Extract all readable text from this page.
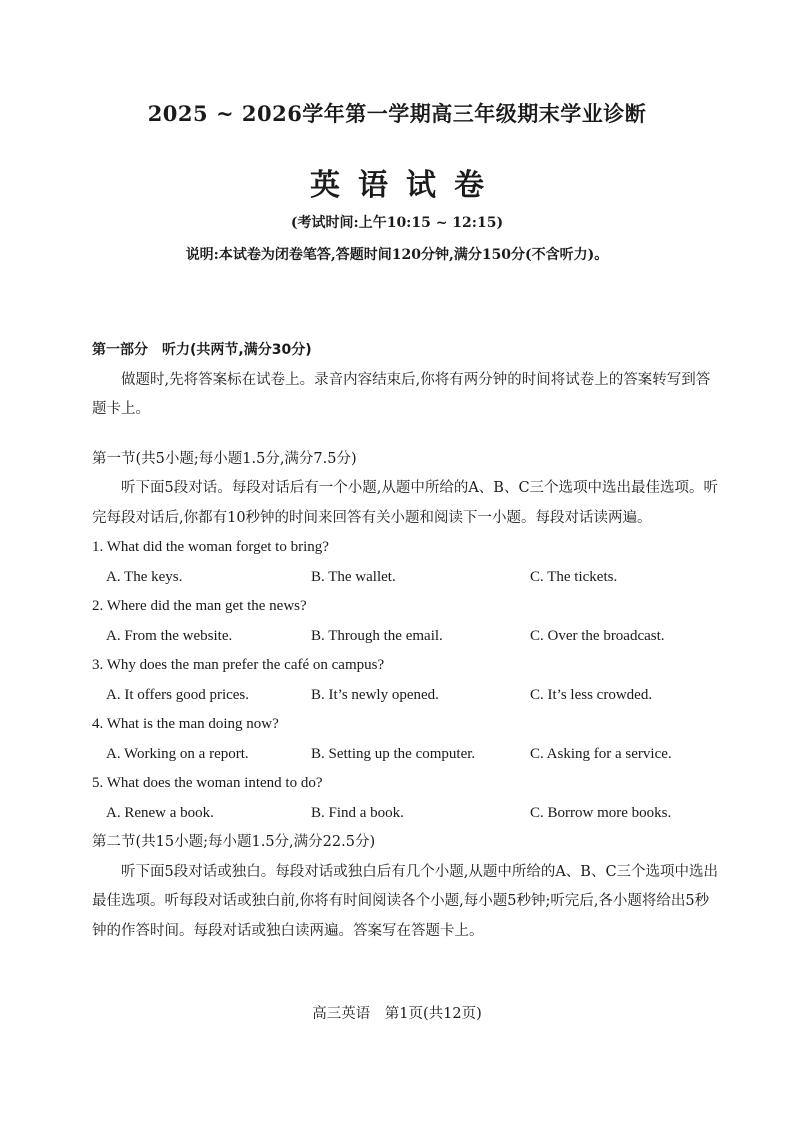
2025 ~ 2026学年第一学期高三年级期末学业诊断
英语试卷
(考试时间:上午10:15 ~ 12:15)
说明:本试卷为闭卷笔答,答题时间120分钟,满分150分(不含听力)。
第一部分　听力(共两节,满分30分)
做题时,先将答案标在试卷上。录音内容结束后,你将有两分钟的时间将试卷上的答案转写到答题卡上。
第一节(共5小题;每小题1.5分,满分7.5分)
听下面5段对话。每段对话后有一个小题,从题中所给的A、B、C三个选项中选出最佳选项。听完每段对话后,你都有10秒钟的时间来回答有关小题和阅读下一小题。每段对话读两遍。
1. What did the woman forget to bring?
A. The keys.	B. The wallet.	C. The tickets.
2. Where did the man get the news?
A. From the website.	B. Through the email.	C. Over the broadcast.
3. Why does the man prefer the café on campus?
A. It offers good prices.	B. It’s newly opened.	C. It’s less crowded.
4. What is the man doing now?
A. Working on a report.	B. Setting up the computer.	C. Asking for a service.
5. What does the woman intend to do?
A. Renew a book.	B. Find a book.	C. Borrow more books.
第二节(共15小题;每小题1.5分,满分22.5分)
听下面5段对话或独白。每段对话或独白后有几个小题,从题中所给的A、B、C三个选项中选出最佳选项。听每段对话或独白前,你将有时间阅读各个小题,每小题5秒钟;听完后,各小题将给出5秒钟的作答时间。每段对话或独白读两遍。答案写在答题卡上。
高三英语　第1页(共12页)
